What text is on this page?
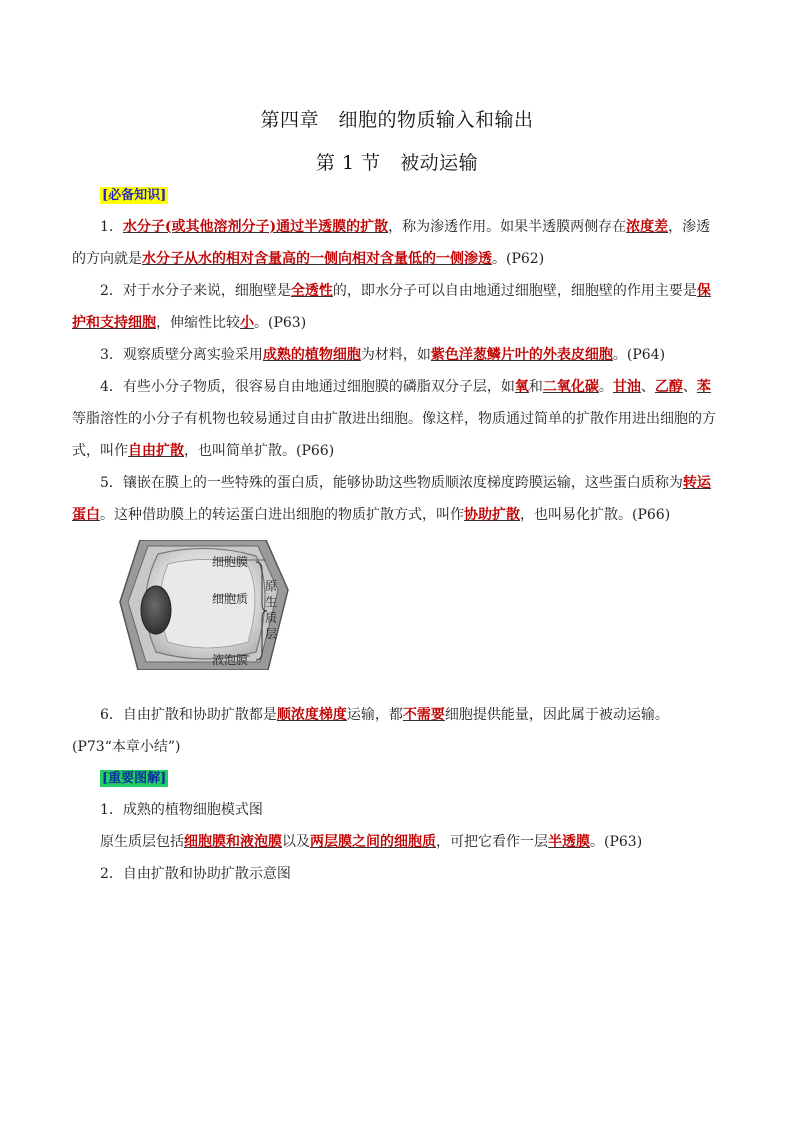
第四章　细胞的物质输入和输出
第 1 节　被动运输
[必备知识]
1．水分子(或其他溶剂分子)通过半透膜的扩散，称为渗透作用。如果半透膜两侧存在浓度差，渗透的方向就是水分子从水的相对含量高的一侧向相对含量低的一侧渗透。(P62)
2．对于水分子来说，细胞壁是全透性的，即水分子可以自由地通过细胞壁，细胞壁的作用主要是保护和支持细胞，伸缩性比较小。(P63)
3．观察质壁分离实验采用成熟的植物细胞为材料，如紫色洋葱鳞片叶的外表皮细胞。(P64)
4．有些小分子物质，很容易自由地通过细胞膜的磷脂双分子层，如氧和二氧化碳。甘油、乙醇、苯等脂溶性的小分子有机物也较易通过自由扩散进出细胞。像这样，物质通过简单的扩散作用进出细胞的方式，叫作自由扩散，也叫简单扩散。(P66)
5．镶嵌在膜上的一些特殊的蛋白质，能够协助这些物质顺浓度梯度跨膜运输，这些蛋白质称为转运蛋白。这种借助膜上的转运蛋白进出细胞的物质扩散方式，叫作协助扩散，也叫易化扩散。(P66)
细胞膜
细胞质
液泡膜
原
生
质
层
6．自由扩散和协助扩散都是顺浓度梯度运输，都不需要细胞提供能量，因此属于被动运输。(P73“本章小结”)
[重要图解]
1．成熟的植物细胞模式图
原生质层包括细胞膜和液泡膜以及两层膜之间的细胞质，可把它看作一层半透膜。(P63)
2．自由扩散和协助扩散示意图
